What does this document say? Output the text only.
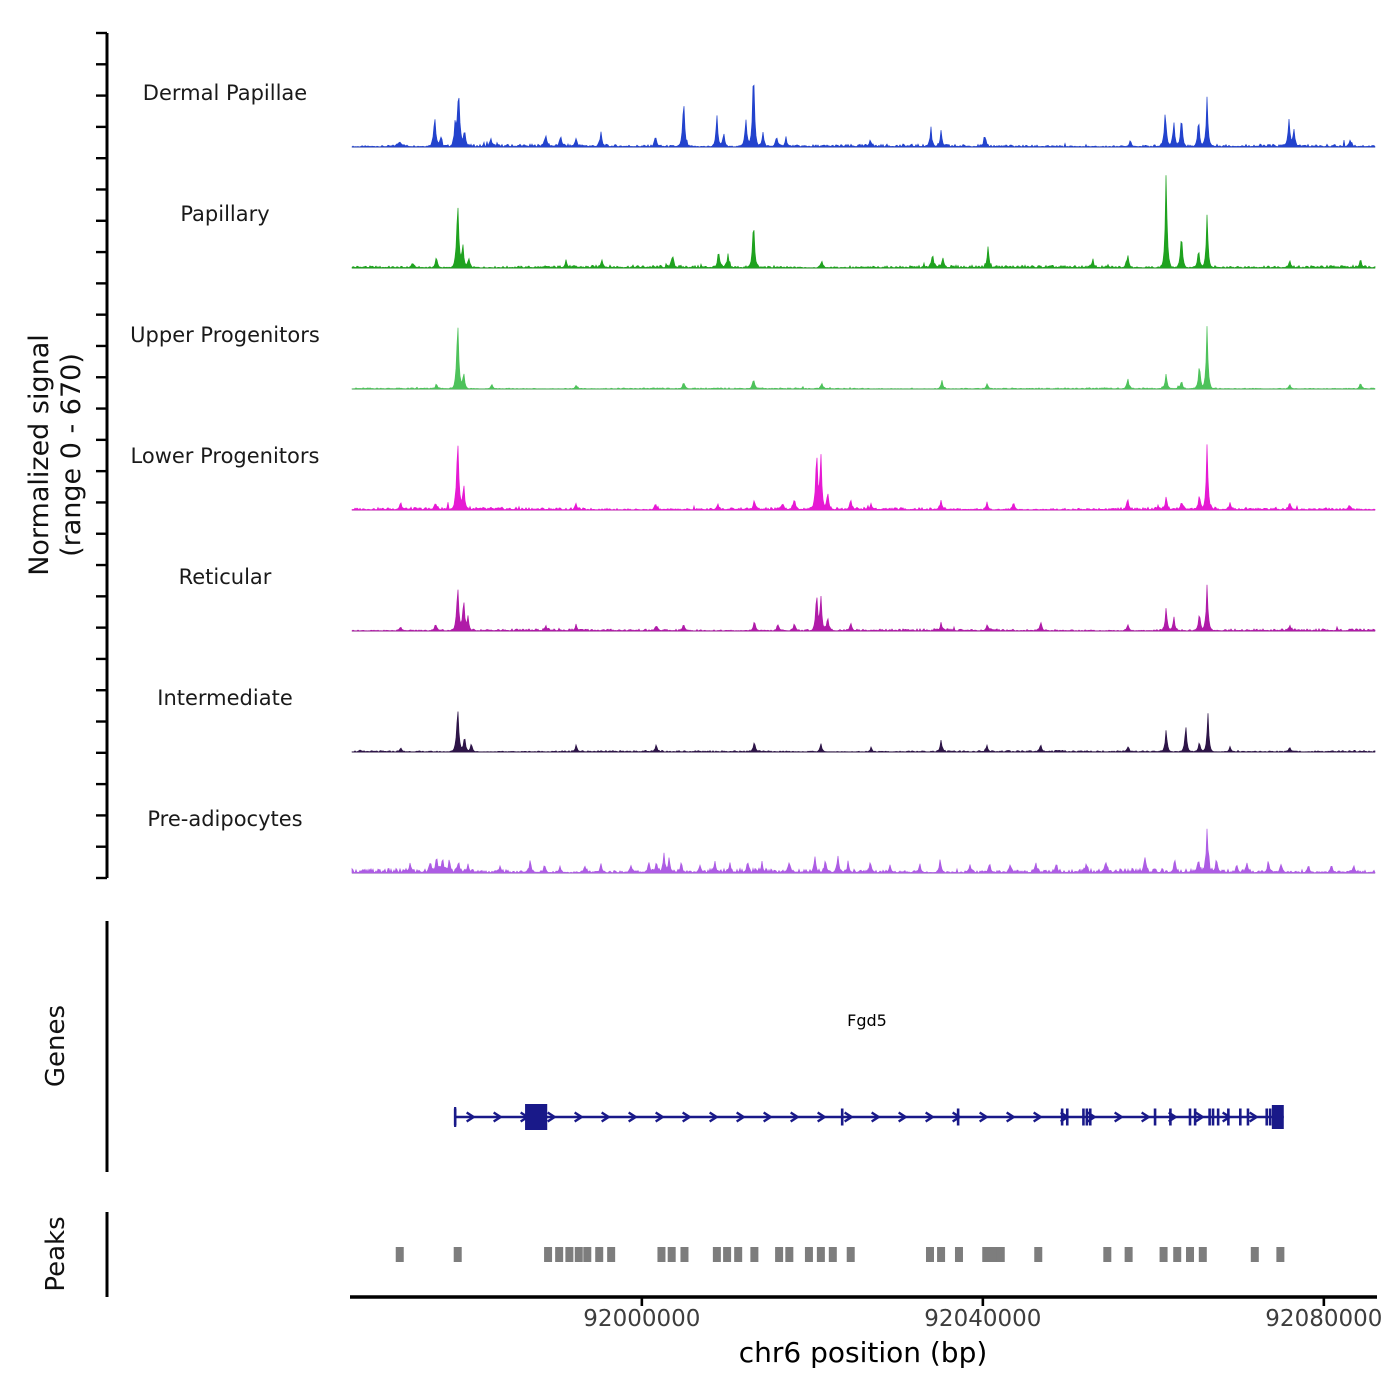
Normalized signal (range 0 - 670)
Genes
Peaks
Fgd5
chr6 position (bp)
Dermal Papillae
Papillary
Upper Progenitors
Lower Progenitors
Reticular
Intermediate
Pre-adipocytes
92000000	92040000	92080000
